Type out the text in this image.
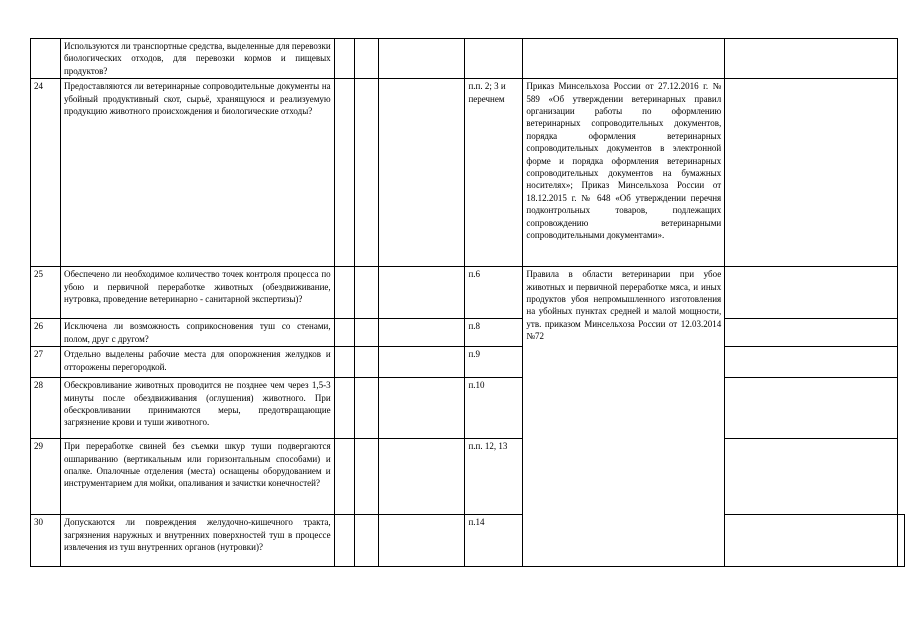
	Используются ли транспортные средства, выделенные для перевозки биологических отходов, для перевозки кормов и пищевых продуктов?							
24	Предоставляются ли ветеринарные сопроводительные документы на убойный продуктивный скот, сырьё, хранящуюся и реализуемую продукцию животного происхождения и биологические отходы?				п.п. 2; 3 и перечнем	Приказ Минсельхоза России от 27.12.2016 г. № 589 «Об утверждении ветеринарных правил организации работы по оформлению ветеринарных сопроводительных документов, порядка оформления ветеринарных сопроводительных документов в электронной форме и порядка оформления ветеринарных сопроводительных документов на бумажных носителях»; Приказ Минсельхоза России от 18.12.2015 г. № 648 «Об утверждении перечня подконтрольных товаров, подлежащих сопровождению ветеринарными сопроводительными документами».		
25	Обеспечено ли необходимое количество точек контроля процесса по убою и первичной переработке животных (обездвиживание, нутровка, проведение ветеринарно - санитарной экспертизы)?				п.6	Правила в области ветеринарии при убое животных и первичной переработке мяса, и иных продуктов убоя непромышленного изготовления на убойных пунктах средней и малой мощности, утв. приказом Минсельхоза России от 12.03.2014 №72		
26	Исключена ли возможность соприкосновения туш со стенами, полом, друг с другом?				п.8			
27	Отдельно выделены рабочие места для опорожнения желудков и отторожены перегородкой.				п.9			
28	Обескровливание животных проводится не позднее чем через 1,5-3 минуты после обездвиживания (оглушения) животного. При обескровливании принимаются меры, предотвращающие загрязнение крови и туши животного.				п.10			
29	При переработке свиней без съемки шкур туши подвергаются ошпариванию (вертикальным или горизонтальным способами) и опалке. Опалочные отделения (места) оснащены оборудованием и инструментарием для мойки, опаливания и зачистки конечностей?				п.п. 12, 13			
30	Допускаются ли повреждения желудочно-кишечного тракта, загрязнения наружных и внутренних поверхностей туш в процессе извлечения из туш внутренних органов (нутровки)?				п.14			
